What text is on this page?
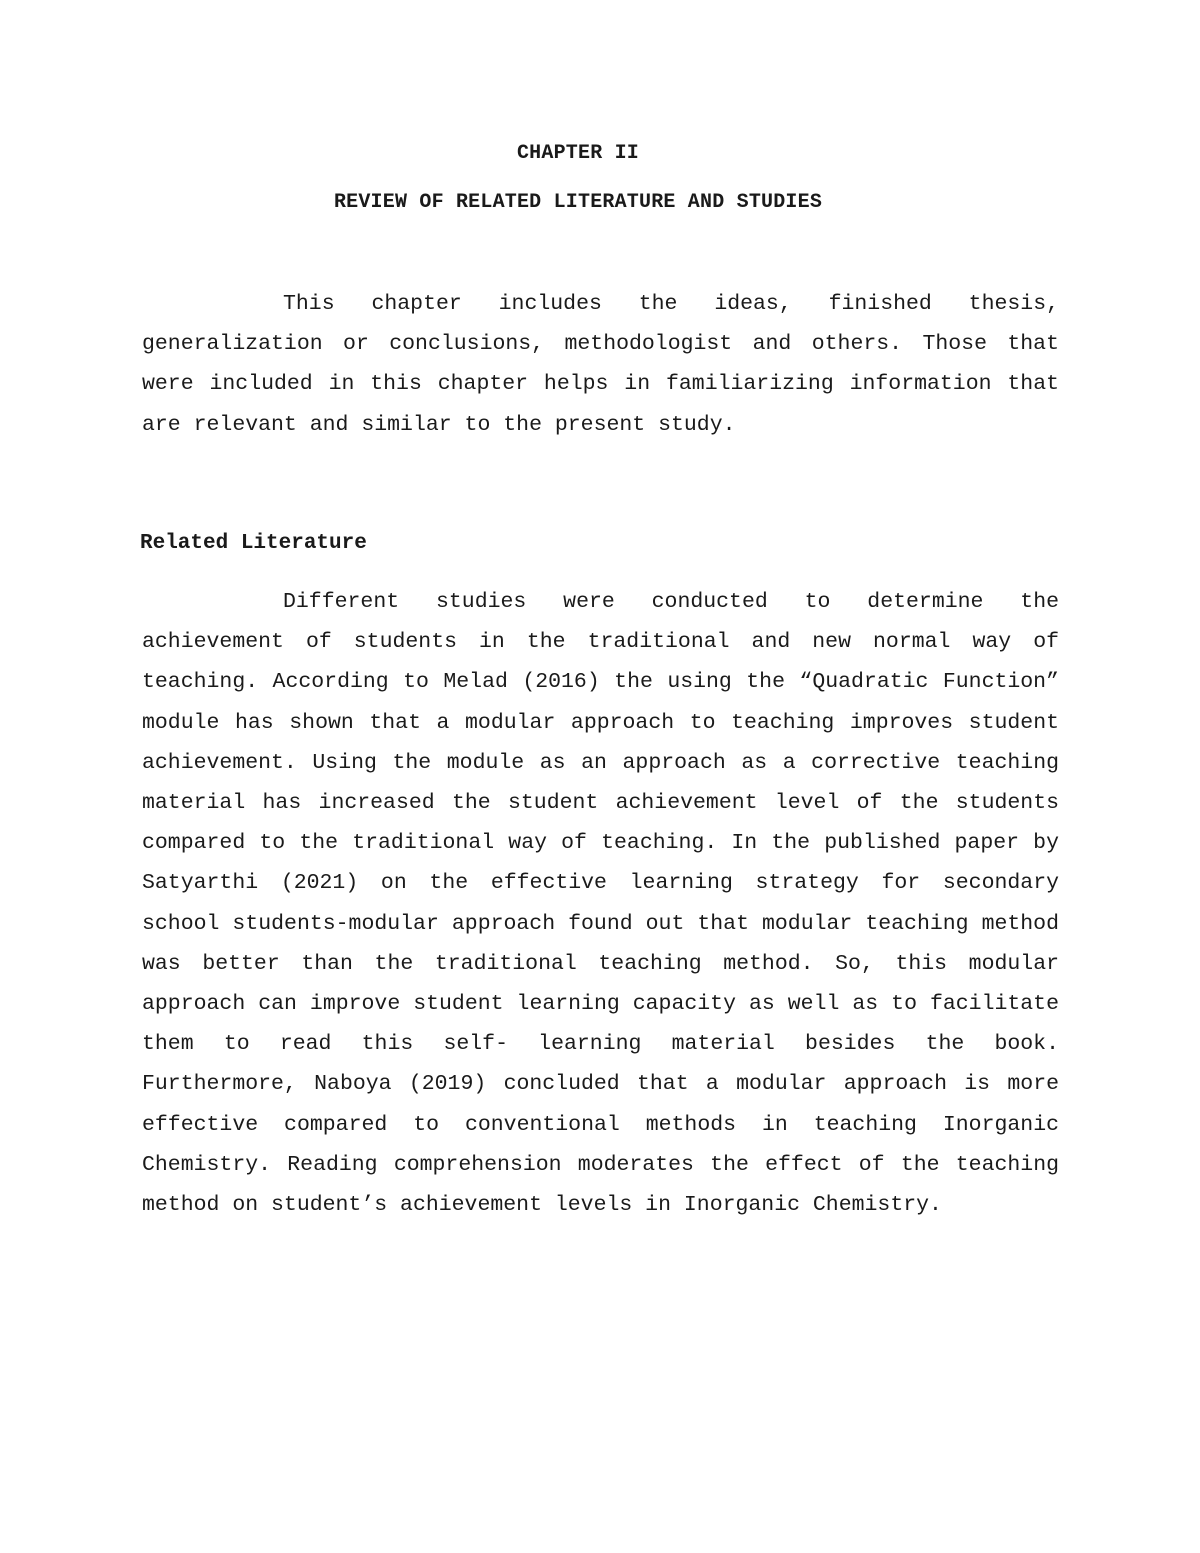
CHAPTER II
REVIEW OF RELATED LITERATURE AND STUDIES

This chapter includes the ideas, finished thesis, generalization or conclusions, methodologist and others. Those that were included in this chapter helps in familiarizing information that are relevant and similar to the present study.

Related Literature

Different studies were conducted to determine the achievement of students in the traditional and new normal way of teaching. According to Melad (2016) the using the “Quadratic Function” module has shown that a modular approach to teaching improves student achievement. Using the module as an approach as a corrective teaching material has increased the student achievement level of the students compared to the traditional way of teaching. In the published paper by Satyarthi (2021) on the effective learning strategy for secondary school students-modular approach found out that modular teaching method was better than the traditional teaching method. So, this modular approach can improve student learning capacity as well as to facilitate them to read this self- learning material besides the book. Furthermore, Naboya (2019) concluded that a modular approach is more effective compared to conventional methods in teaching Inorganic Chemistry. Reading comprehension moderates the effect of the teaching method on student’s achievement levels in Inorganic Chemistry.
